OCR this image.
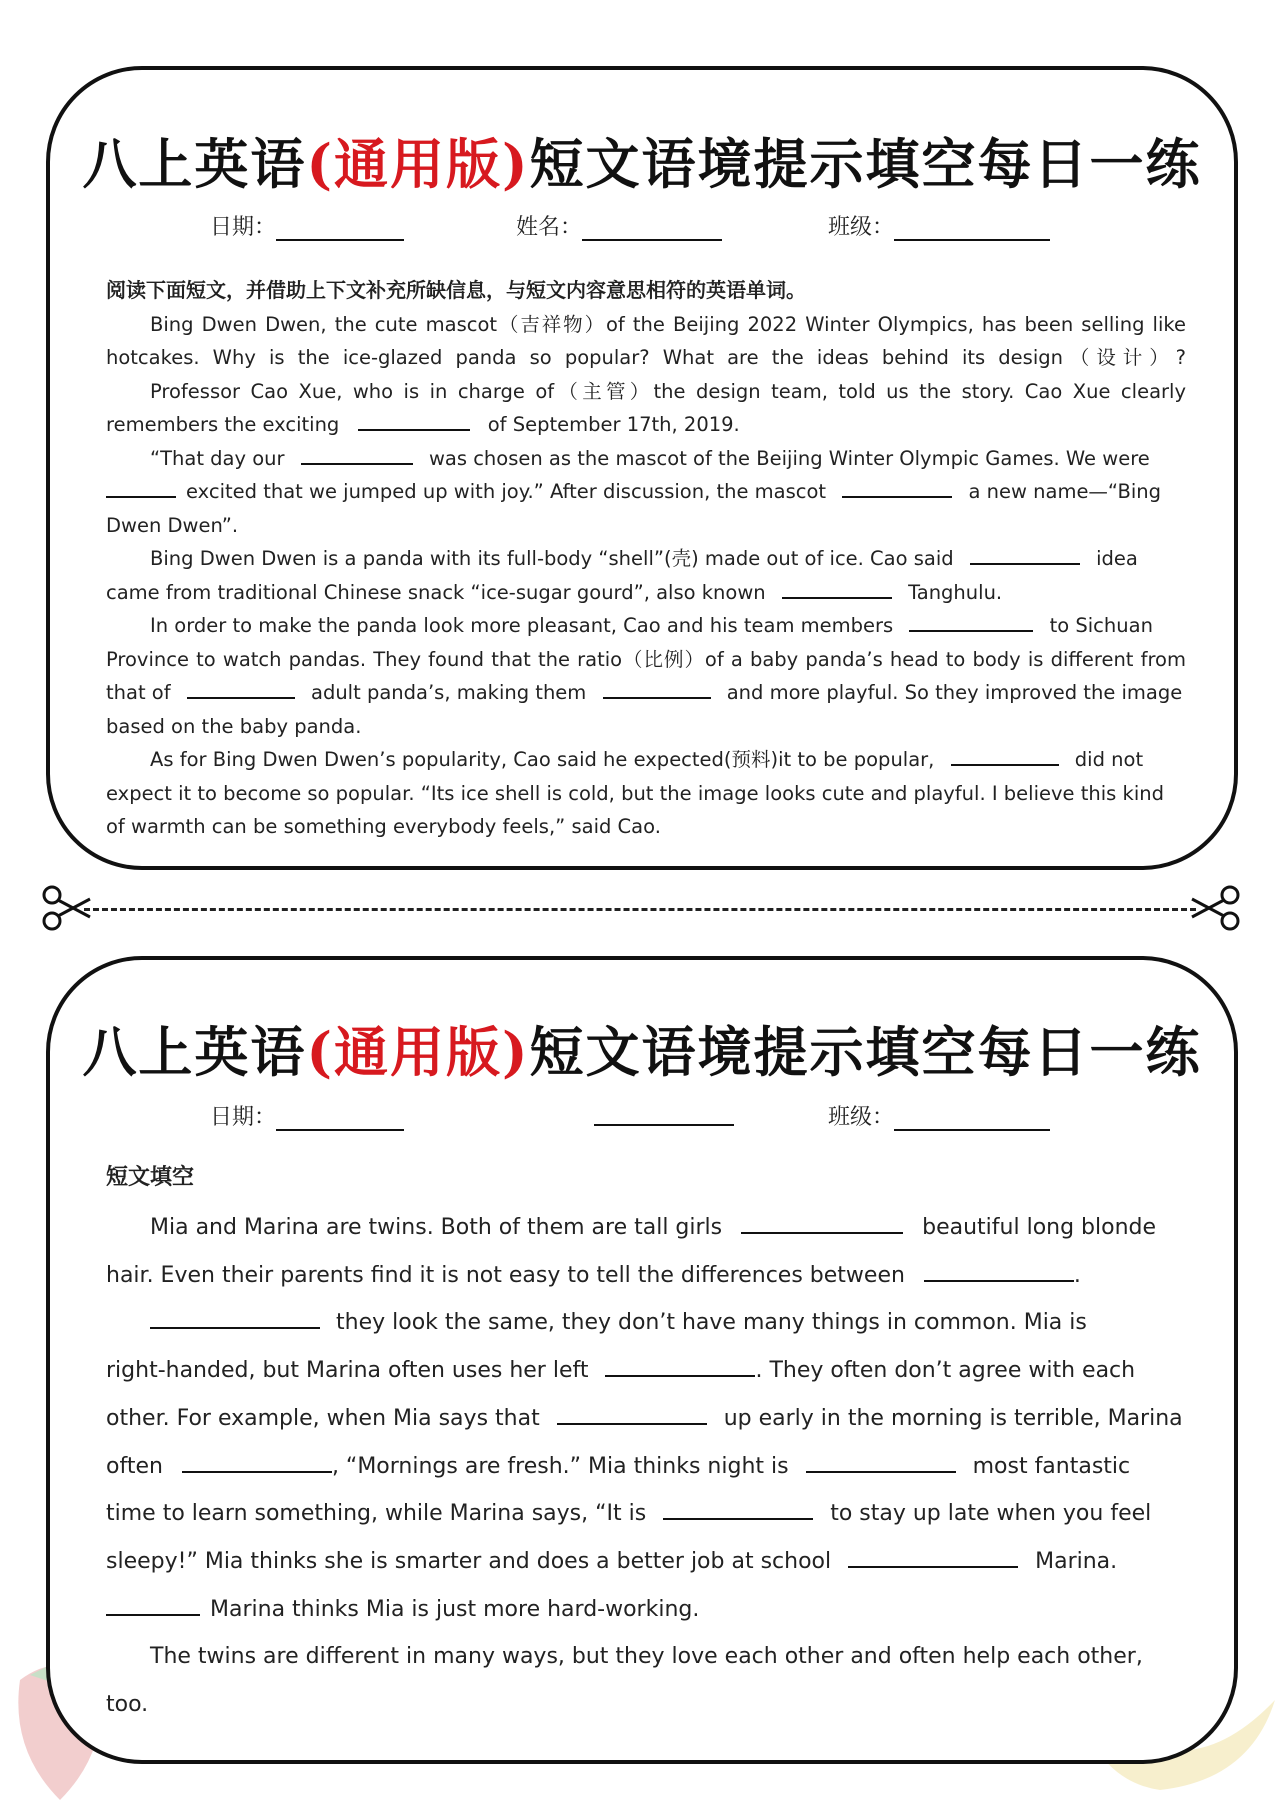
八上英语(通用版)短文语境提示填空每日一练
日期：	姓名：	班级：
阅读下面短文，并借助上下文补充所缺信息，与短文内容意思相符的英语单词。
Bing Dwen Dwen, the cute mascot（吉祥物）of the Beijing 2022 Winter Olympics, has been selling like
hotcakes. Why is the ice-glazed panda so popular? What are the ideas behind its design（设计）?
Professor Cao Xue, who is in charge of（主管）the design team, told us the story. Cao Xue clearly
remembers the exciting	of September 17th, 2019.
“That day our	was chosen as the mascot of the Beijing Winter Olympic Games. We were
excited that we jumped up with joy.” After discussion, the mascot	a new name—“Bing
Dwen Dwen”.
Bing Dwen Dwen is a panda with its full-body “shell”(壳) made out of ice. Cao said	idea
came from traditional Chinese snack “ice-sugar gourd”, also known	Tanghulu.
In order to make the panda look more pleasant, Cao and his team members	to Sichuan
Province to watch pandas. They found that the ratio（比例）of a baby panda’s head to body is different from
that of	adult panda’s, making them	and more playful. So they improved the image
based on the baby panda.
As for Bing Dwen Dwen’s popularity, Cao said he expected(预料)it to be popular,	did not
expect it to become so popular. “Its ice shell is cold, but the image looks cute and playful. I believe this kind
of warmth can be something everybody feels,” said Cao.
八上英语(通用版)短文语境提示填空每日一练
日期：	班级：
短文填空
Mia and Marina are twins. Both of them are tall girls	beautiful long blonde
hair. Even their parents find it is not easy to tell the differences between	.
they look the same, they don’t have many things in common. Mia is
right-handed, but Marina often uses her left	. They often don’t agree with each
other. For example, when Mia says that	up early in the morning is terrible, Marina
often	, “Mornings are fresh.” Mia thinks night is	most fantastic
time to learn something, while Marina says, “It is	to stay up late when you feel
sleepy!” Mia thinks she is smarter and does a better job at school	Marina.
Marina thinks Mia is just more hard-working.
The twins are different in many ways, but they love each other and often help each other,
too.
